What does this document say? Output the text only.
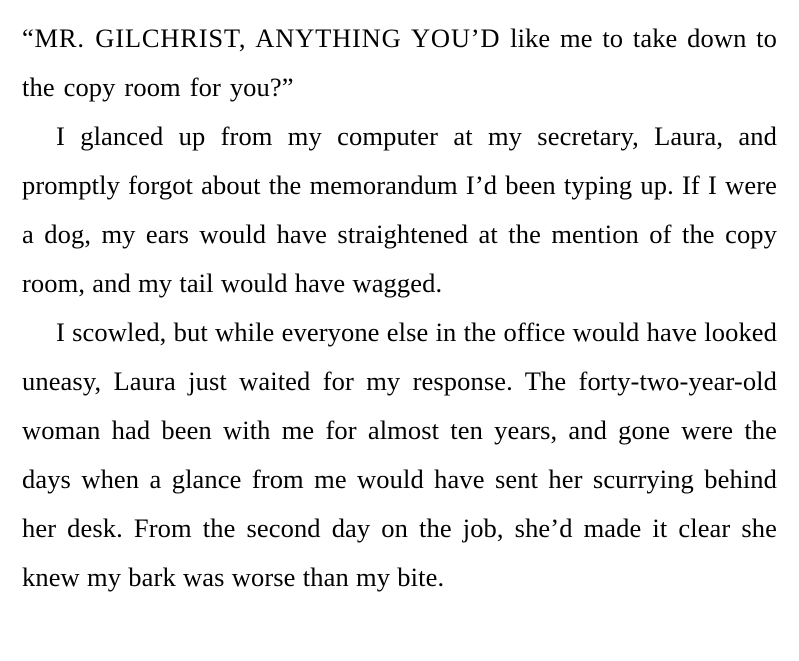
“MR. GILCHRIST, ANYTHING YOU’D like me to take down to the copy room for you?”

I glanced up from my computer at my secretary, Laura, and promptly forgot about the memorandum I’d been typing up. If I were a dog, my ears would have straightened at the mention of the copy room, and my tail would have wagged.

I scowled, but while everyone else in the office would have looked uneasy, Laura just waited for my response. The forty-two-year-old woman had been with me for almost ten years, and gone were the days when a glance from me would have sent her scurrying behind her desk. From the second day on the job, she’d made it clear she knew my bark was worse than my bite.
